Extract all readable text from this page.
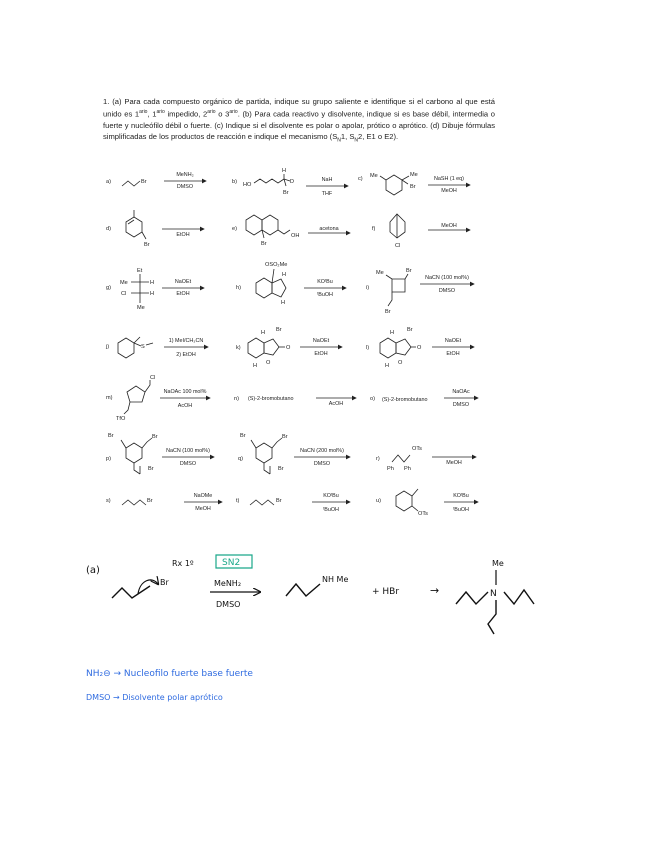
1. (a) Para cada compuesto orgánico de partida, indique su grupo saliente e identifique si el carbono al que está unido es $1^{ario}$, $1^{ario}$ impedido, $2^{ario}$ o $3^{ario}$. (b) Para cada reactivo y disolvente, indique si es base débil, intermedia o fuerte y nucleófilo débil o fuerte. (c) Indique si el disolvente es polar o apolar, prótico o aprótico. (d) Dibuje fórmulas simplificadas de los productos de reacción e indique el mecanismo ($S_N1$, $S_N2$, E1 o E2).
a)	Br
MeNH₂
DMSO
b) HO
H
D
Br
NaH
THF
c) Me	Me
Br
NaSH (1 eq)
MeOH
d)
Br
EtOH
e)
Br
OH
acetona	f)
Cl
MeOH
g)
Et
Me	H
Cl	H
Me
NaOEt
EtOH
h)
OSO₂Me
H
H
KOᵗBu
ᵗBuOH
i)
Me	Br
Br
NaCN (100 mol%)
DMSO
j)	S
1) MeI/CH₃CN
2) EtOH
k)
O
O
H Br
H
NaOEt
EtOH
l)
O
O
H Br
H
NaOEt
EtOH
m)
Cl
TfO
NaOAc 100 mol%
AcOH
n) (S)-2-bromobutano
AcOH
o) (S)-2-bromobutano
NaOAc
DMSO
p)
Br	Br
Br
NaCN (100 mol%)
DMSO
q)
Br	Br
Br
NaCN (200 mol%)
DMSO
r)
OTs
Ph Ph
MeOH
s)	Br
NaOMe
MeOH
t)	Br
KOᵗBu
ᵗBuOH
u)
OTs
KOᵗBu
ᵗBuOH
(a)
Br
Rx 1º	SN2
MeNH₂
DMSO
NH Me
+ HBr	→
Me
N
NH₂⊖ → Nucleofilo fuerte base fuerte
DMSO → Disolvente polar aprótico
